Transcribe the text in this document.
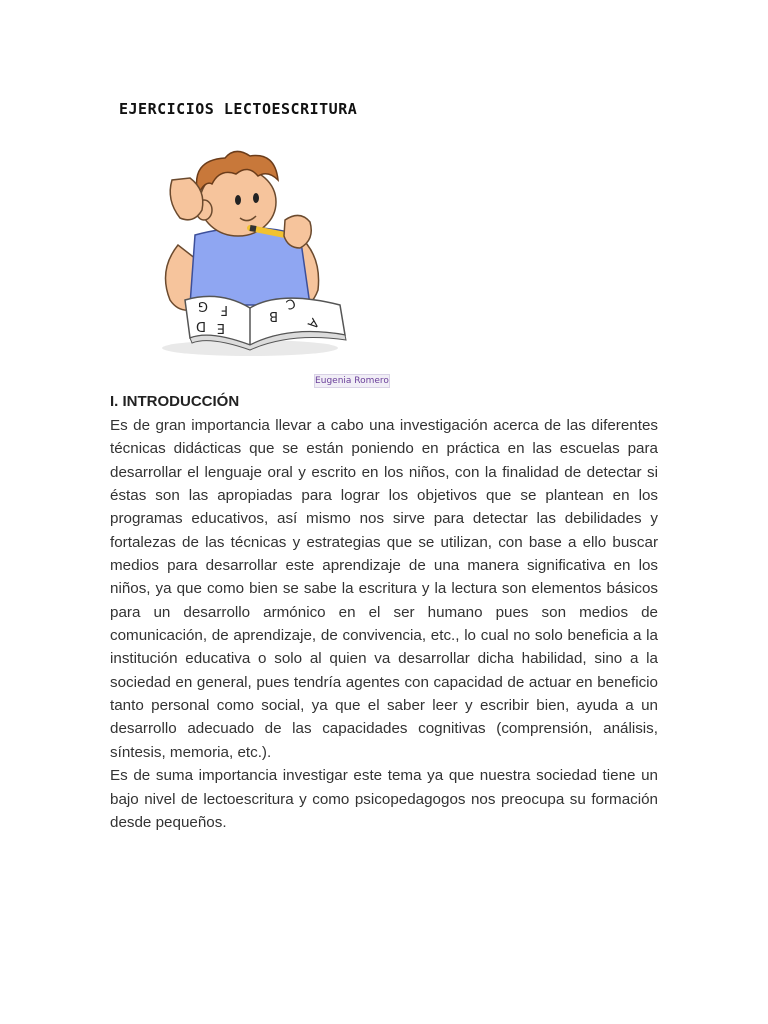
EJERCICIOS LECTOESCRITURA
G F
E
D
C
B A
Eugenia Romero
I. INTRODUCCIÓN

Es de gran importancia llevar a cabo una investigación acerca de las diferentes técnicas didácticas que se están poniendo en práctica en las escuelas para desarrollar el lenguaje oral y escrito en los niños, con la finalidad de detectar si éstas son las apropiadas para lograr los objetivos que se plantean en los programas educativos, así mismo nos sirve para detectar las debilidades y fortalezas de las técnicas y estrategias que se utilizan, con base a ello buscar medios para desarrollar este aprendizaje de una manera significativa en los niños, ya que como bien se sabe la escritura y la lectura son elementos básicos para un desarrollo armónico en el ser humano pues son medios de comunicación, de aprendizaje, de convivencia, etc., lo cual no solo beneficia a la institución educativa o solo al quien va desarrollar dicha habilidad, sino a la sociedad en general, pues tendría agentes con capacidad de actuar en beneficio tanto personal como social, ya que el saber leer y escribir bien, ayuda a un desarrollo adecuado de las capacidades cognitivas (comprensión, análisis, síntesis, memoria, etc.).

Es de suma importancia investigar este tema ya que nuestra sociedad tiene un bajo nivel de lectoescritura y como psicopedagogos nos preocupa su formación desde pequeños.
